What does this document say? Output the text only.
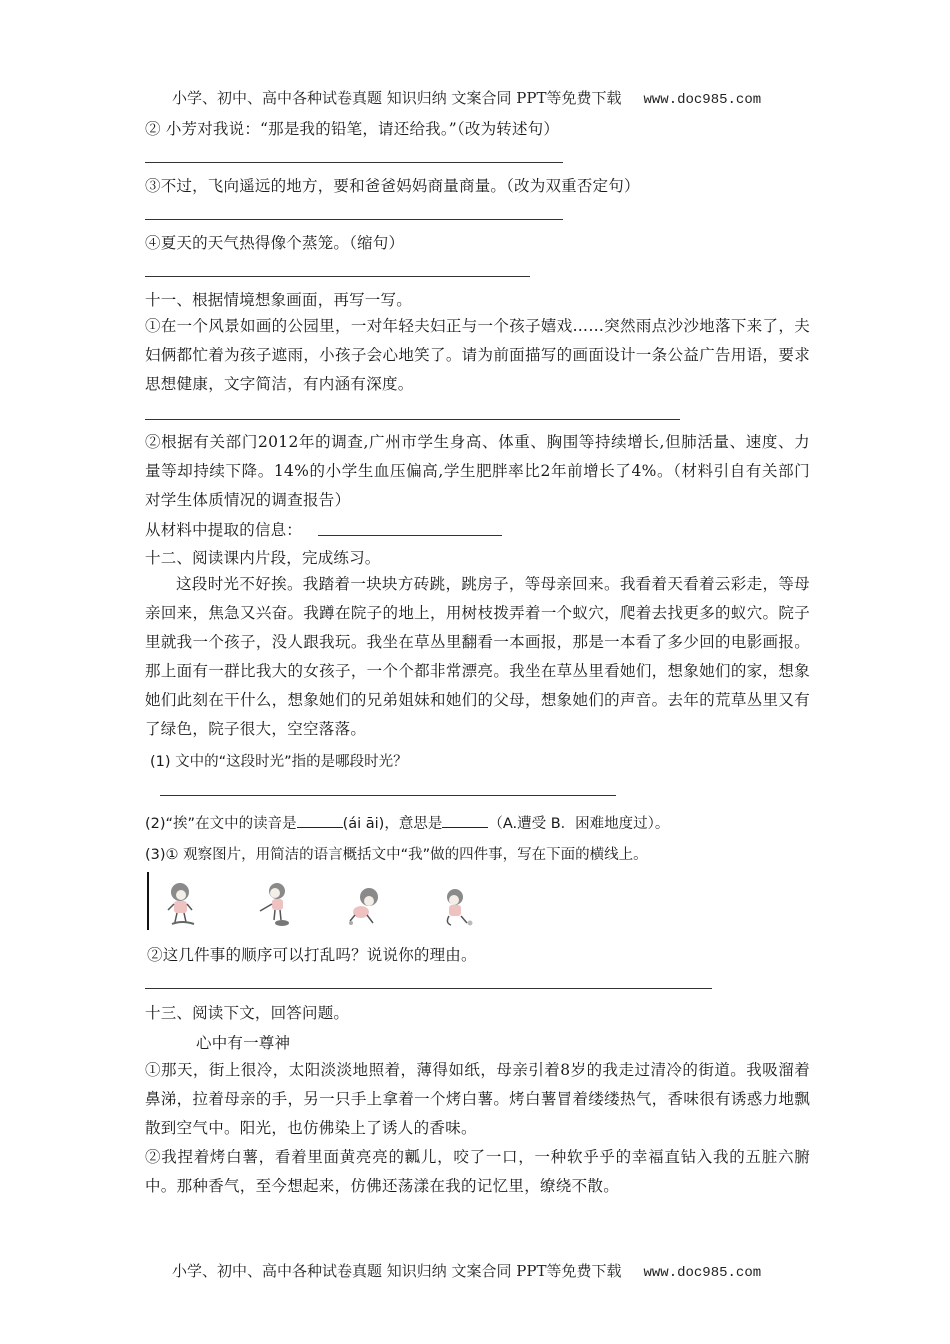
小学、初中、高中各种试卷真题 知识归纳 文案合同 PPT等免费下载 www.doc985.com
② 小芳对我说：“那是我的铅笔，请还给我。”（改为转述句）
③不过，飞向遥远的地方，要和爸爸妈妈商量商量。（改为双重否定句）
④夏天的天气热得像个蒸笼。（缩句）
十一、根据情境想象画面，再写一写。
①在一个风景如画的公园里，一对年轻夫妇正与一个孩子嬉戏……突然雨点沙沙地落下来了，夫妇俩都忙着为孩子遮雨，小孩子会心地笑了。请为前面描写的画面设计一条公益广告用语，要求思想健康，文字简洁，有内涵有深度。
②根据有关部门2012年的调查,广州市学生身高、体重、胸围等持续增长,但肺活量、速度、力量等却持续下降。14%的小学生血压偏高,学生肥胖率比2年前增长了4%。（材料引自有关部门对学生体质情况的调查报告）
从材料中提取的信息：
十二、阅读课内片段，完成练习。
这段时光不好挨。我踏着一块块方砖跳，跳房子，等母亲回来。我看着天看着云彩走，等母亲回来，焦急又兴奋。我蹲在院子的地上，用树枝拨弄着一个蚁穴，爬着去找更多的蚁穴。院子里就我一个孩子，没人跟我玩。我坐在草丛里翻看一本画报，那是一本看了多少回的电影画报。那上面有一群比我大的女孩子，一个个都非常漂亮。我坐在草丛里看她们，想象她们的家，想象她们此刻在干什么，想象她们的兄弟姐妹和她们的父母，想象她们的声音。去年的荒草丛里又有了绿色，院子很大，空空落落。
(1) 文中的“这段时光”指的是哪段时光？
(2)“挨”在文中的读音是	(ái āi)，意思是	（A.遭受 B．困难地度过）。
(3)① 观察图片，用简洁的语言概括文中“我”做的四件事，写在下面的横线上。
②这几件事的顺序可以打乱吗？说说你的理由。
十三、阅读下文，回答问题。
心中有一尊神
①那天，街上很冷，太阳淡淡地照着，薄得如纸，母亲引着8岁的我走过清冷的街道。我吸溜着鼻涕，拉着母亲的手，另一只手上拿着一个烤白薯。烤白薯冒着缕缕热气，香味很有诱惑力地飘散到空气中。阳光，也仿佛染上了诱人的香味。
②我捏着烤白薯，看着里面黄亮亮的瓤儿，咬了一口，一种软乎乎的幸福直钻入我的五脏六腑中。那种香气，至今想起来，仿佛还荡漾在我的记忆里，缭绕不散。
小学、初中、高中各种试卷真题 知识归纳 文案合同 PPT等免费下载 www.doc985.com
